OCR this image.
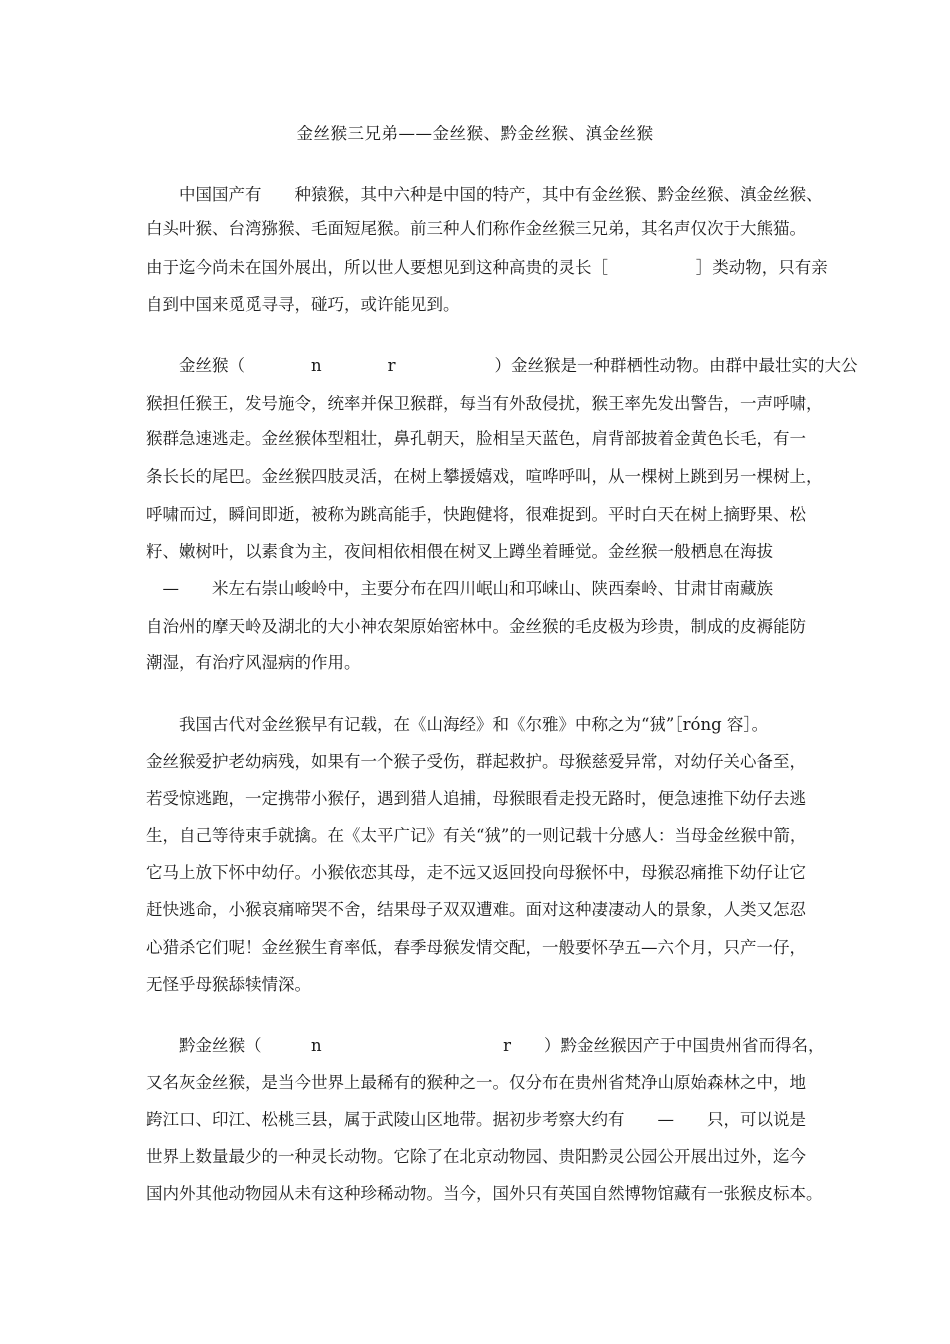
金丝猴三兄弟——金丝猴、黔金丝猴、滇金丝猴
中国国产有　　种猿猴，其中六种是中国的特产，其中有金丝猴、黔金丝猴、滇金丝猴、
白头叶猴、台湾猕猴、毛面短尾猴。前三种人们称作金丝猴三兄弟，其名声仅次于大熊猫。
由于迄今尚未在国外展出，所以世人要想见到这种高贵的灵长［　　　　　 ］类动物，只有亲
自到中国来觅觅寻寻，碰巧，或许能见到。
金丝猴（　　　　n　　　　r　　　　　　）金丝猴是一种群栖性动物。由群中最壮实的大公
猴担任猴王，发号施令，统率并保卫猴群，每当有外敌侵扰，猴王率先发出警告，一声呼啸，
猴群急速逃走。金丝猴体型粗壮，鼻孔朝天，脸相呈天蓝色，肩背部披着金黄色长毛，有一
条长长的尾巴。金丝猴四肢灵活，在树上攀援嬉戏，喧哗呼叫，从一棵树上跳到另一棵树上，
呼啸而过，瞬间即逝，被称为跳高能手，快跑健将，很难捉到。平时白天在树上摘野果、松
籽、嫩树叶，以素食为主，夜间相依相偎在树叉上蹲坐着睡觉。金丝猴一般栖息在海拔
　—　　米左右崇山峻岭中，主要分布在四川岷山和邛崃山、陕西秦岭、甘肃甘南藏族
自治州的摩天岭及湖北的大小神农架原始密林中。金丝猴的毛皮极为珍贵，制成的皮褥能防
潮湿，有治疗风湿病的作用。
我国古代对金丝猴早有记载，在《山海经》和《尔雅》中称之为“狨”［róng 容］。
金丝猴爱护老幼病残，如果有一个猴子受伤，群起救护。母猴慈爱异常，对幼仔关心备至，
若受惊逃跑，一定携带小猴仔，遇到猎人追捕，母猴眼看走投无路时，便急速推下幼仔去逃
生，自己等待束手就擒。在《太平广记》有关“狨”的一则记载十分感人：当母金丝猴中箭，
它马上放下怀中幼仔。小猴依恋其母，走不远又返回投向母猴怀中，母猴忍痛推下幼仔让它
赶快逃命，小猴哀痛啼哭不舍，结果母子双双遭难。面对这种凄凄动人的景象，人类又怎忍
心猎杀它们呢！金丝猴生育率低，春季母猴发情交配，一般要怀孕五—六个月，只产一仔，
无怪乎母猴舔犊情深。
黔金丝猴（　　　n　　　　　　　　　　　r　　）黔金丝猴因产于中国贵州省而得名，
又名灰金丝猴，是当今世界上最稀有的猴种之一。仅分布在贵州省梵净山原始森林之中，地
跨江口、印江、松桃三县，属于武陵山区地带。据初步考察大约有　　—　　只，可以说是
世界上数量最少的一种灵长动物。它除了在北京动物园、贵阳黔灵公园公开展出过外，迄今
国内外其他动物园从未有这种珍稀动物。当今，国外只有英国自然博物馆藏有一张猴皮标本。
